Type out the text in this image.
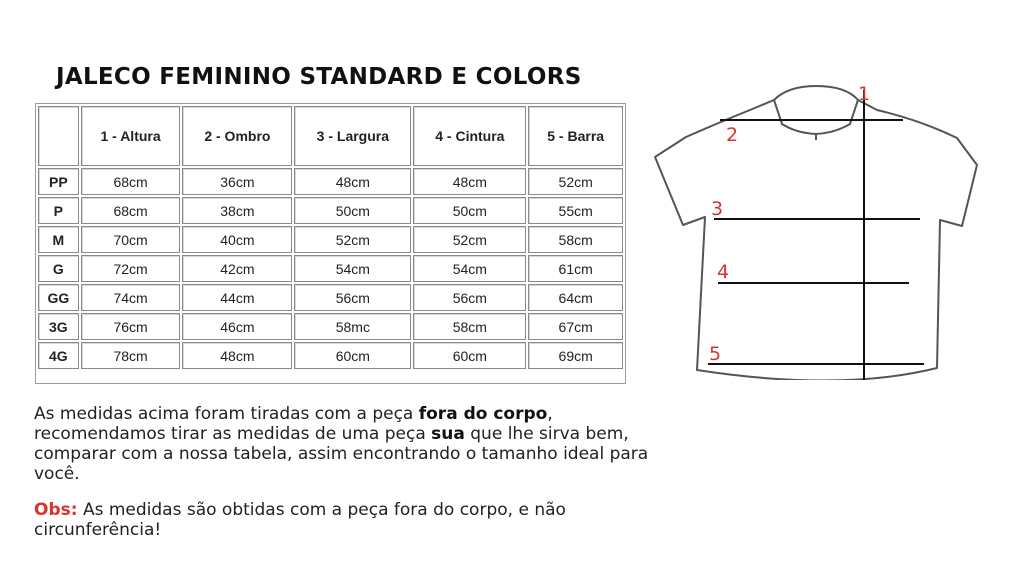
JALECO FEMININO STANDARD E COLORS
	1 - Altura	2 - Ombro	3 - Largura	4 - Cintura	5 - Barra
PP	68cm	36cm	48cm	48cm	52cm
P	68cm	38cm	50cm	50cm	55cm
M	70cm	40cm	52cm	52cm	58cm
G	72cm	42cm	54cm	54cm	61cm
GG	74cm	44cm	56cm	56cm	64cm
3G	76cm	46cm	58mc	58cm	67cm
4G	78cm	48cm	60cm	60cm	69cm

As medidas acima foram tiradas com a peça fora do corpo, recomendamos tirar as medidas de uma peça sua que lhe sirva bem, comparar com a nossa tabela, assim encontrando o tamanho ideal para você.

Obs: As medidas são obtidas com a peça fora do corpo, e não circunferência!

1
2
3
4
5
